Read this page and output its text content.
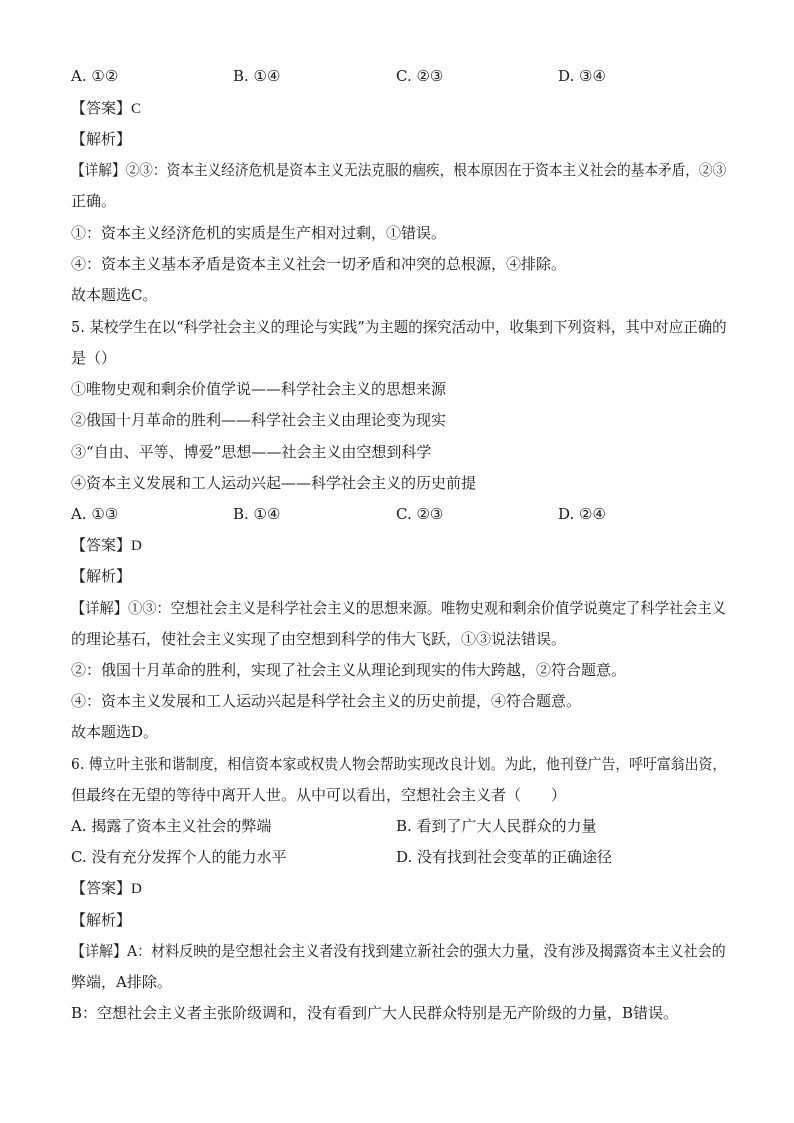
A. ①②	B. ①④	C. ②③	D. ③④
【答案】C
【解析】
【详解】②③：资本主义经济危机是资本主义无法克服的痼疾，根本原因在于资本主义社会的基本矛盾，②③
正确。
①：资本主义经济危机的实质是生产相对过剩，①错误。
④：资本主义基本矛盾是资本主义社会一切矛盾和冲突的总根源，④排除。
故本题选C。
5. 某校学生在以“科学社会主义的理论与实践”为主题的探究活动中，收集到下列资料，其中对应正确的
是（）
①唯物史观和剩余价值学说——科学社会主义的思想来源
②俄国十月革命的胜利——科学社会主义由理论变为现实
③“自由、平等、博爱”思想——社会主义由空想到科学
④资本主义发展和工人运动兴起——科学社会主义的历史前提
A. ①③	B. ①④	C. ②③	D. ②④
【答案】D
【解析】
【详解】①③：空想社会主义是科学社会主义的思想来源。唯物史观和剩余价值学说奠定了科学社会主义
的理论基石，使社会主义实现了由空想到科学的伟大飞跃，①③说法错误。
②：俄国十月革命的胜利，实现了社会主义从理论到现实的伟大跨越，②符合题意。
④：资本主义发展和工人运动兴起是科学社会主义的历史前提，④符合题意。
故本题选D。
6. 傅立叶主张和谐制度，相信资本家或权贵人物会帮助实现改良计划。为此，他刊登广告，呼吁富翁出资，
但最终在无望的等待中离开人世。从中可以看出，空想社会主义者（　　）
A. 揭露了资本主义社会的弊端	B. 看到了广大人民群众的力量
C. 没有充分发挥个人的能力水平	D. 没有找到社会变革的正确途径
【答案】D
【解析】
【详解】A：材料反映的是空想社会主义者没有找到建立新社会的强大力量，没有涉及揭露资本主义社会的
弊端，A排除。
B：空想社会主义者主张阶级调和，没有看到广大人民群众特别是无产阶级的力量，B错误。
